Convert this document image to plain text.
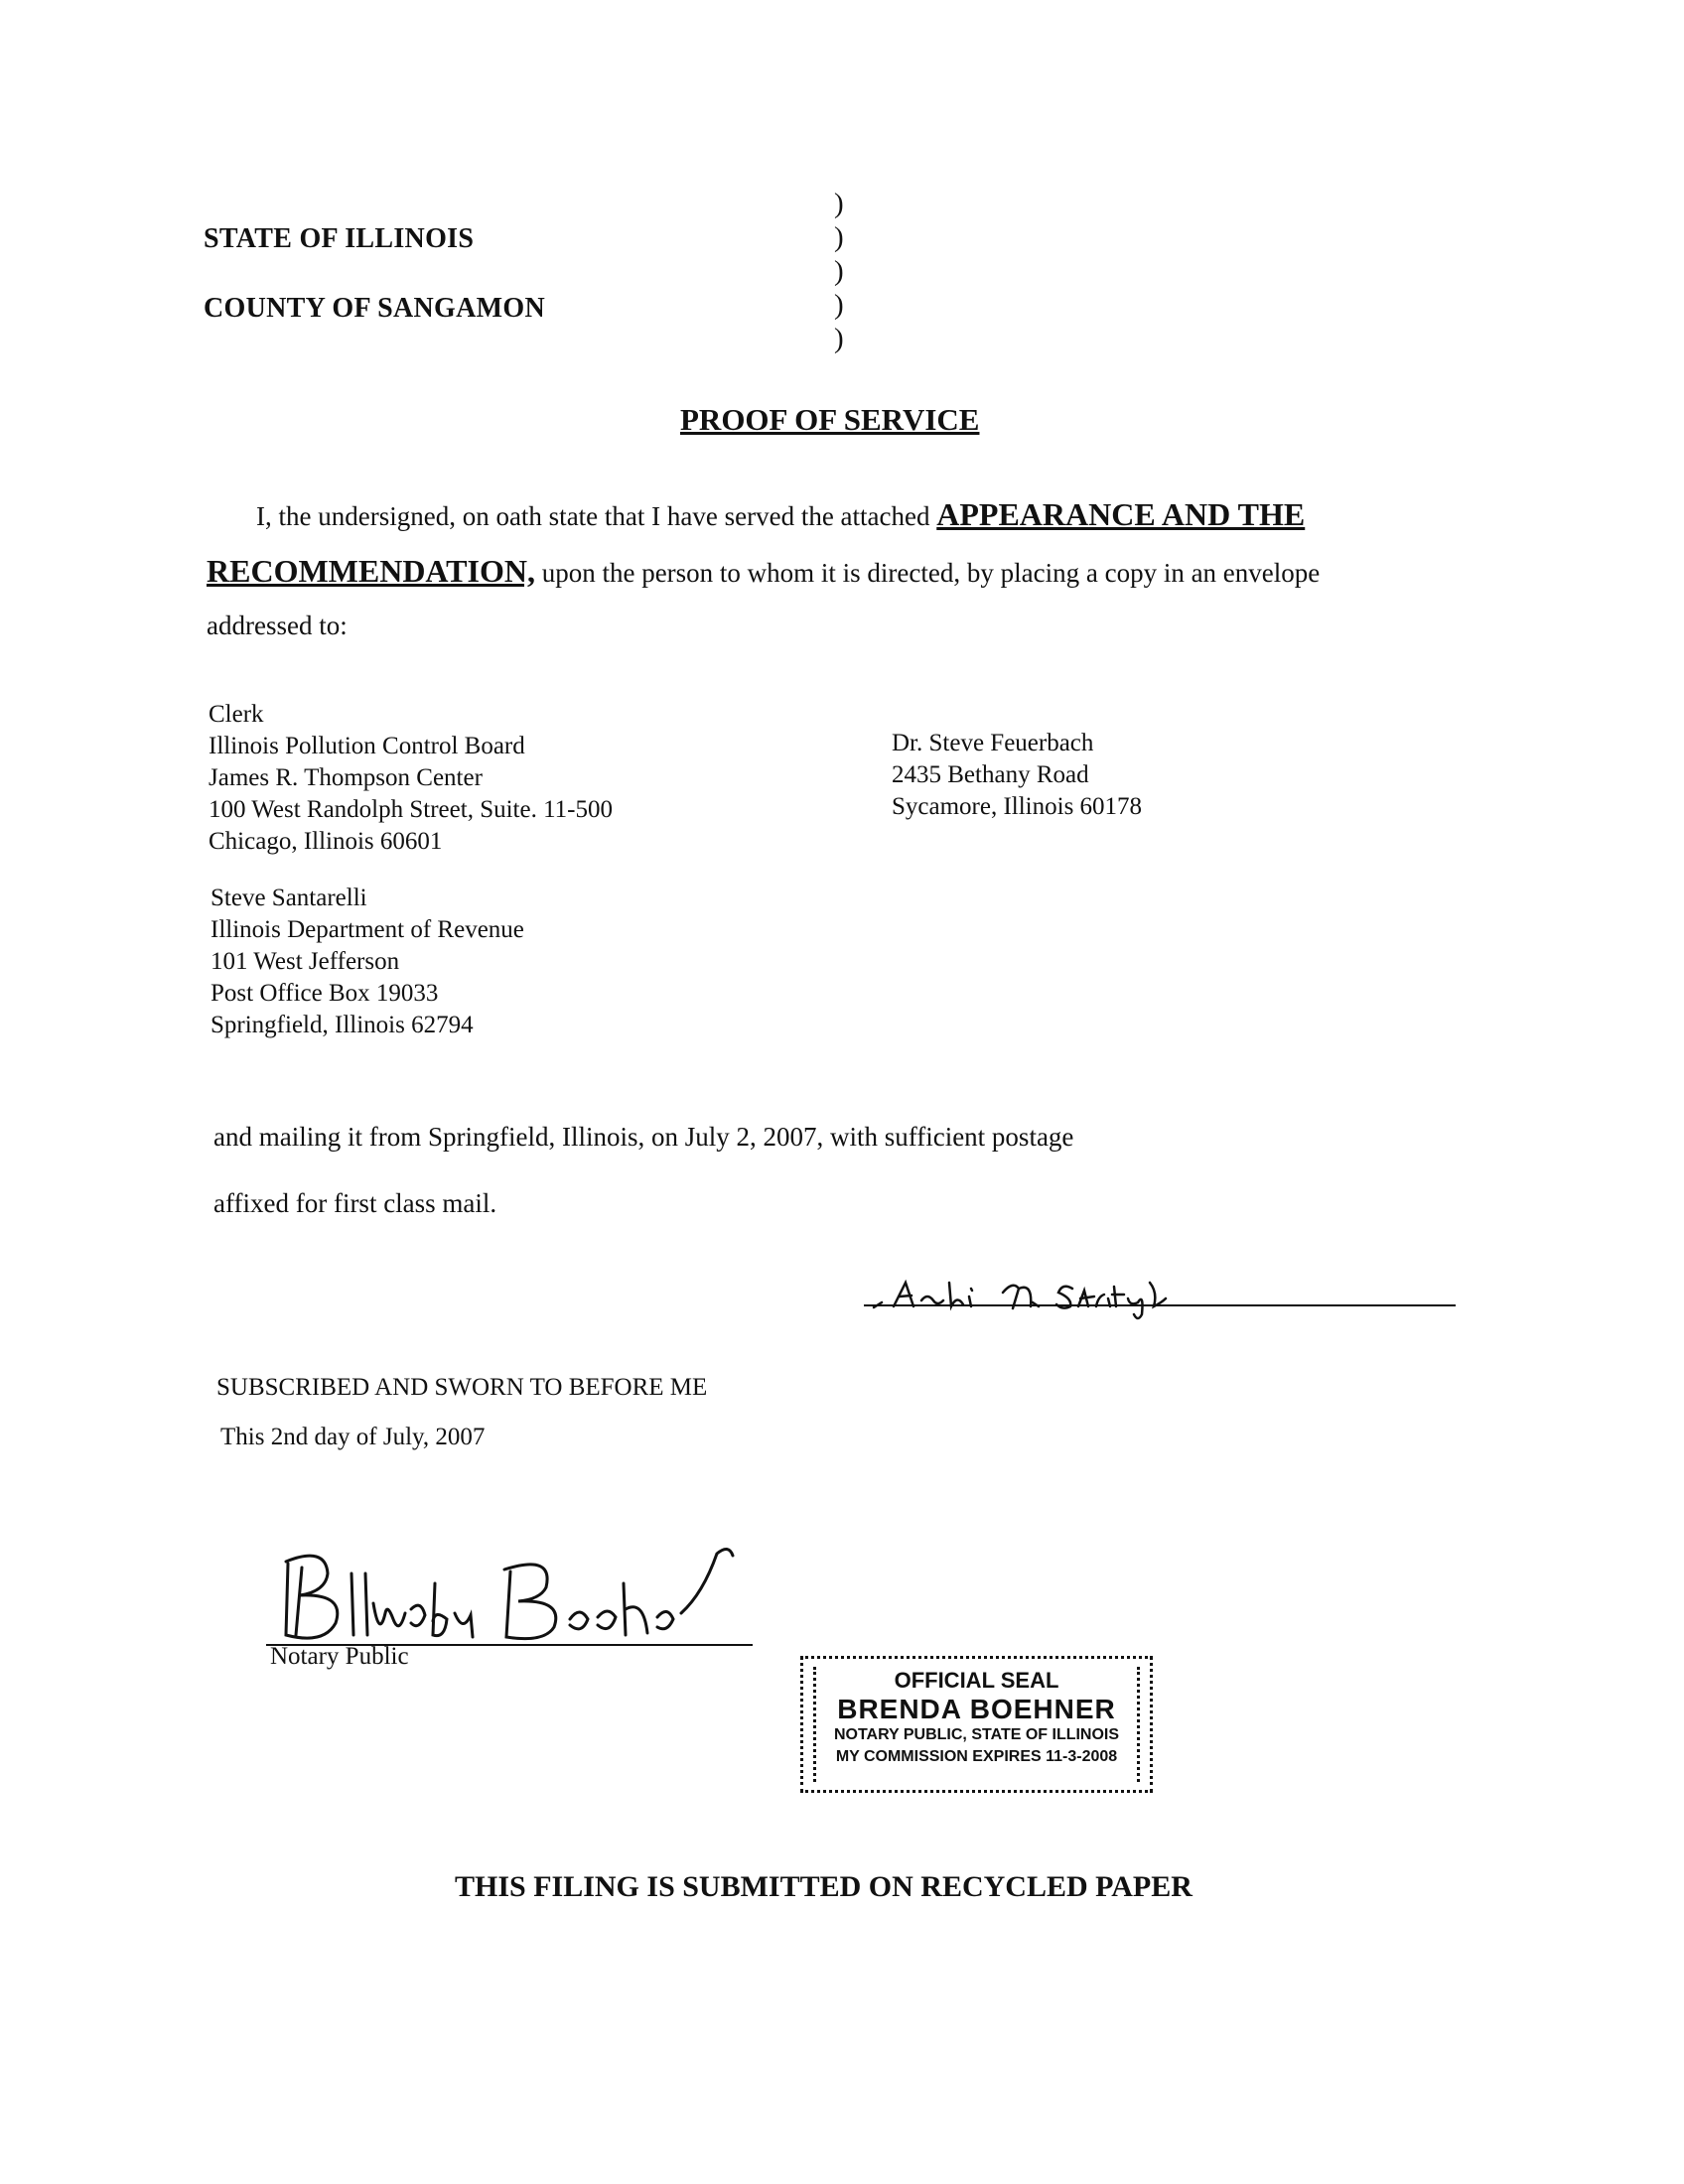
STATE OF ILLINOIS
COUNTY OF SANGAMON
)
)
)
)
)
PROOF OF SERVICE
I, the undersigned, on oath state that I have served the attached APPEARANCE AND THE
RECOMMENDATION, upon the person to whom it is directed, by placing a copy in an envelope
addressed to:
Clerk
Illinois Pollution Control Board
James R. Thompson Center
100 West Randolph Street, Suite. 11-500
Chicago, Illinois 60601
Dr. Steve Feuerbach
2435 Bethany Road
Sycamore, Illinois 60178
Steve Santarelli
Illinois Department of Revenue
101 West Jefferson
Post Office Box 19033
Springfield, Illinois 62794
and mailing it from Springfield, Illinois, on July 2, 2007, with sufficient postage
affixed for first class mail.
SUBSCRIBED AND SWORN TO BEFORE ME
This 2nd day of July, 2007
Notary Public
OFFICIAL SEAL
BRENDA BOEHNER
NOTARY PUBLIC, STATE OF ILLINOIS
MY COMMISSION EXPIRES 11-3-2008
THIS FILING IS SUBMITTED ON RECYCLED PAPER
